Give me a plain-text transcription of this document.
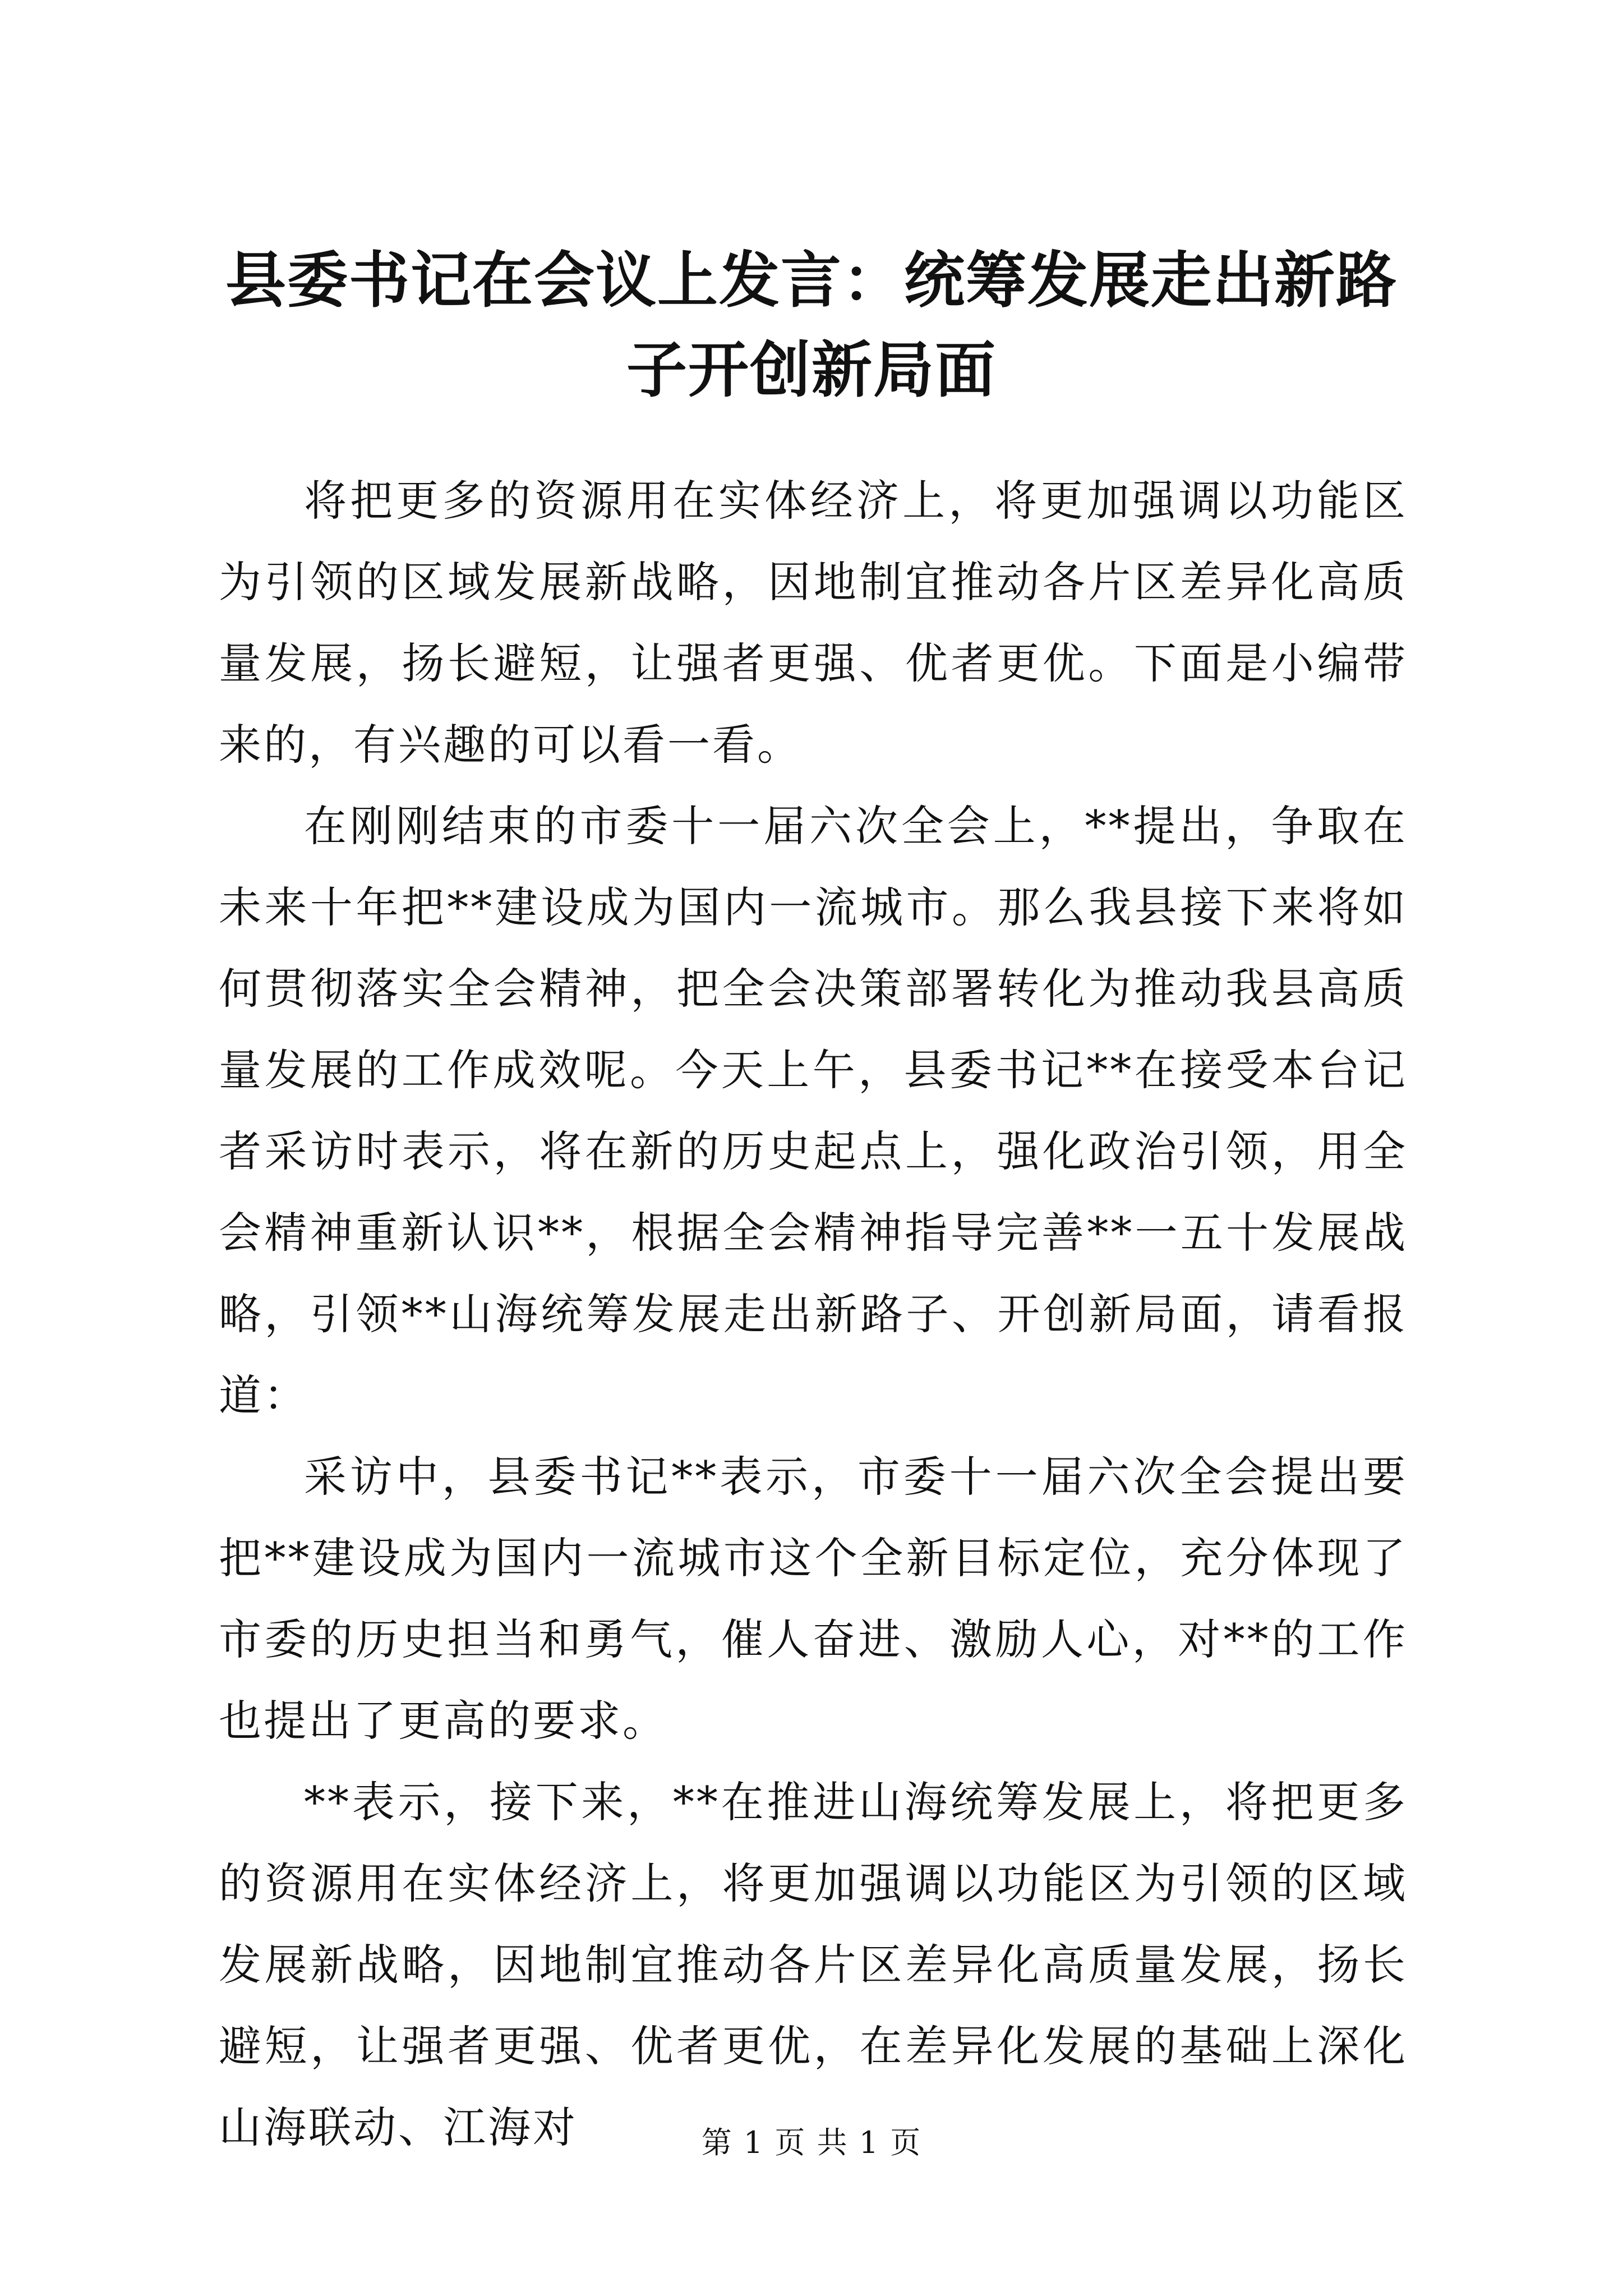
县委书记在会议上发言：统筹发展走出新路子开创新局面

将把更多的资源用在实体经济上，将更加强调以功能区为引领的区域发展新战略，因地制宜推动各片区差异化高质量发展，扬长避短，让强者更强、优者更优。下面是小编带来的，有兴趣的可以看一看。

在刚刚结束的市委十一届六次全会上，**提出，争取在未来十年把**建设成为国内一流城市。那么我县接下来将如何贯彻落实全会精神，把全会决策部署转化为推动我县高质量发展的工作成效呢。今天上午，县委书记**在接受本台记者采访时表示，将在新的历史起点上，强化政治引领，用全会精神重新认识**，根据全会精神指导完善**一五十发展战略，引领**山海统筹发展走出新路子、开创新局面，请看报道：

采访中，县委书记**表示，市委十一届六次全会提出要把**建设成为国内一流城市这个全新目标定位，充分体现了市委的历史担当和勇气，催人奋进、激励人心，对**的工作也提出了更高的要求。

**表示，接下来，**在推进山海统筹发展上，将把更多的资源用在实体经济上，将更加强调以功能区为引领的区域发展新战略，因地制宜推动各片区差异化高质量发展，扬长避短，让强者更强、优者更优，在差异化发展的基础上深化山海联动、江海对	第 1 页 共 1 页
